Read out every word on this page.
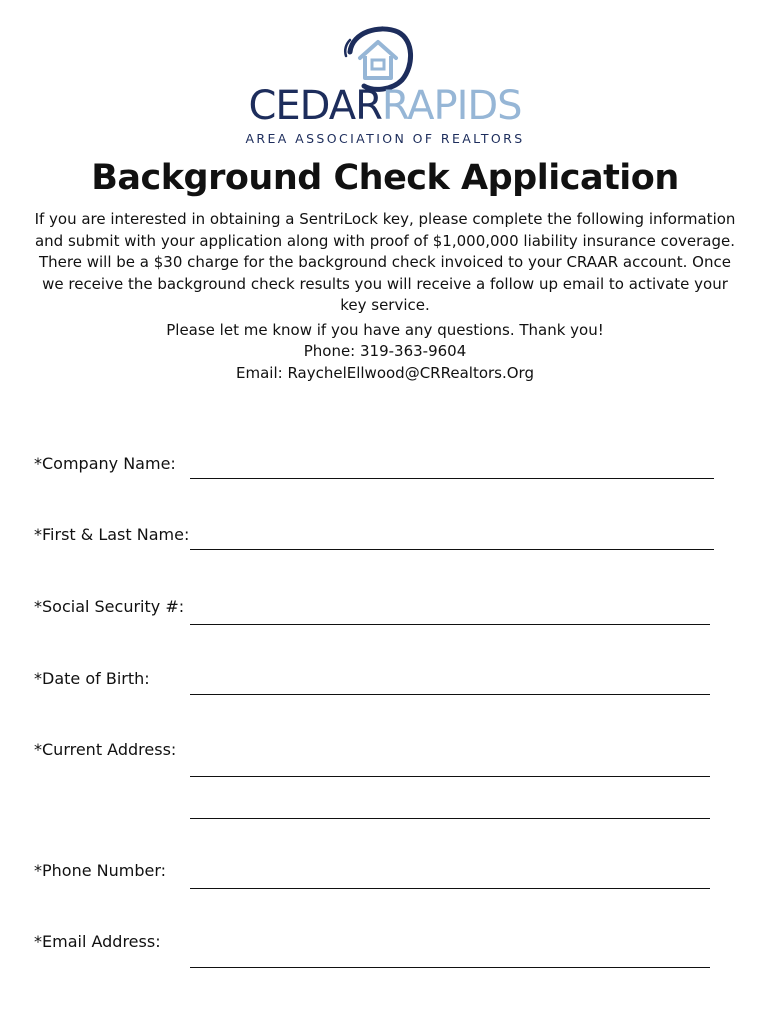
CEDARRAPIDS
AREA ASSOCIATION OF REALTORS
Background Check Application

If you are interested in obtaining a SentriLock key, please complete the following information and submit with your application along with proof of $1,000,000 liability insurance coverage. There will be a $30 charge for the background check invoiced to your CRAAR account. Once we receive the background check results you will receive a follow up email to activate your key service.

Please let me know if you have any questions. Thank you!

Phone: 319-363-9604

Email: RaychelEllwood@CRRealtors.Org

*Company Name:
*First & Last Name:
*Social Security #:
*Date of Birth:
*Current Address:
*Phone Number:
*Email Address:
